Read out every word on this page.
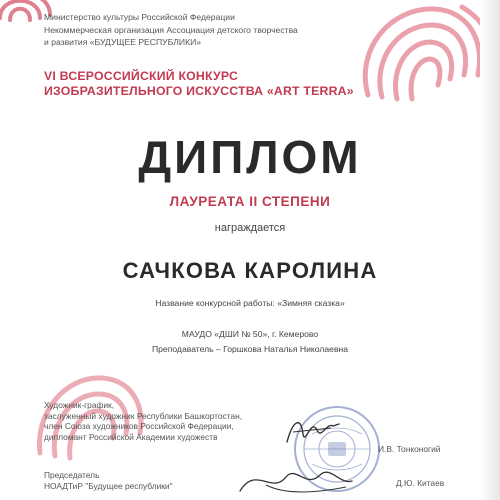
Министерство культуры Российской Федерации
Некоммерческая организация Ассоциация детского творчества
и развития «БУДУЩЕЕ РЕСПУБЛИКИ»
VI ВСЕРОССИЙСКИЙ КОНКУРС
ИЗОБРАЗИТЕЛЬНОГО ИСКУССТВА «ART TERRA»
ДИПЛОМ
ЛАУРЕАТА II СТЕПЕНИ
награждается
САЧКОВА КАРОЛИНА
Название конкурсной работы: «Зимняя сказка»
МАУДО «ДШИ № 50», г. Кемерово
Преподаватель – Горшкова Наталья Николаевна
Художник-график,
заслуженный художник Республики Башкортостан,
член Союза художников Российской Федерации,
дипломант Российской Академии художеств
И.В. Тонконогий
Председатель
НОАДТиР "Будущее республики"	Д.Ю. Китаев
